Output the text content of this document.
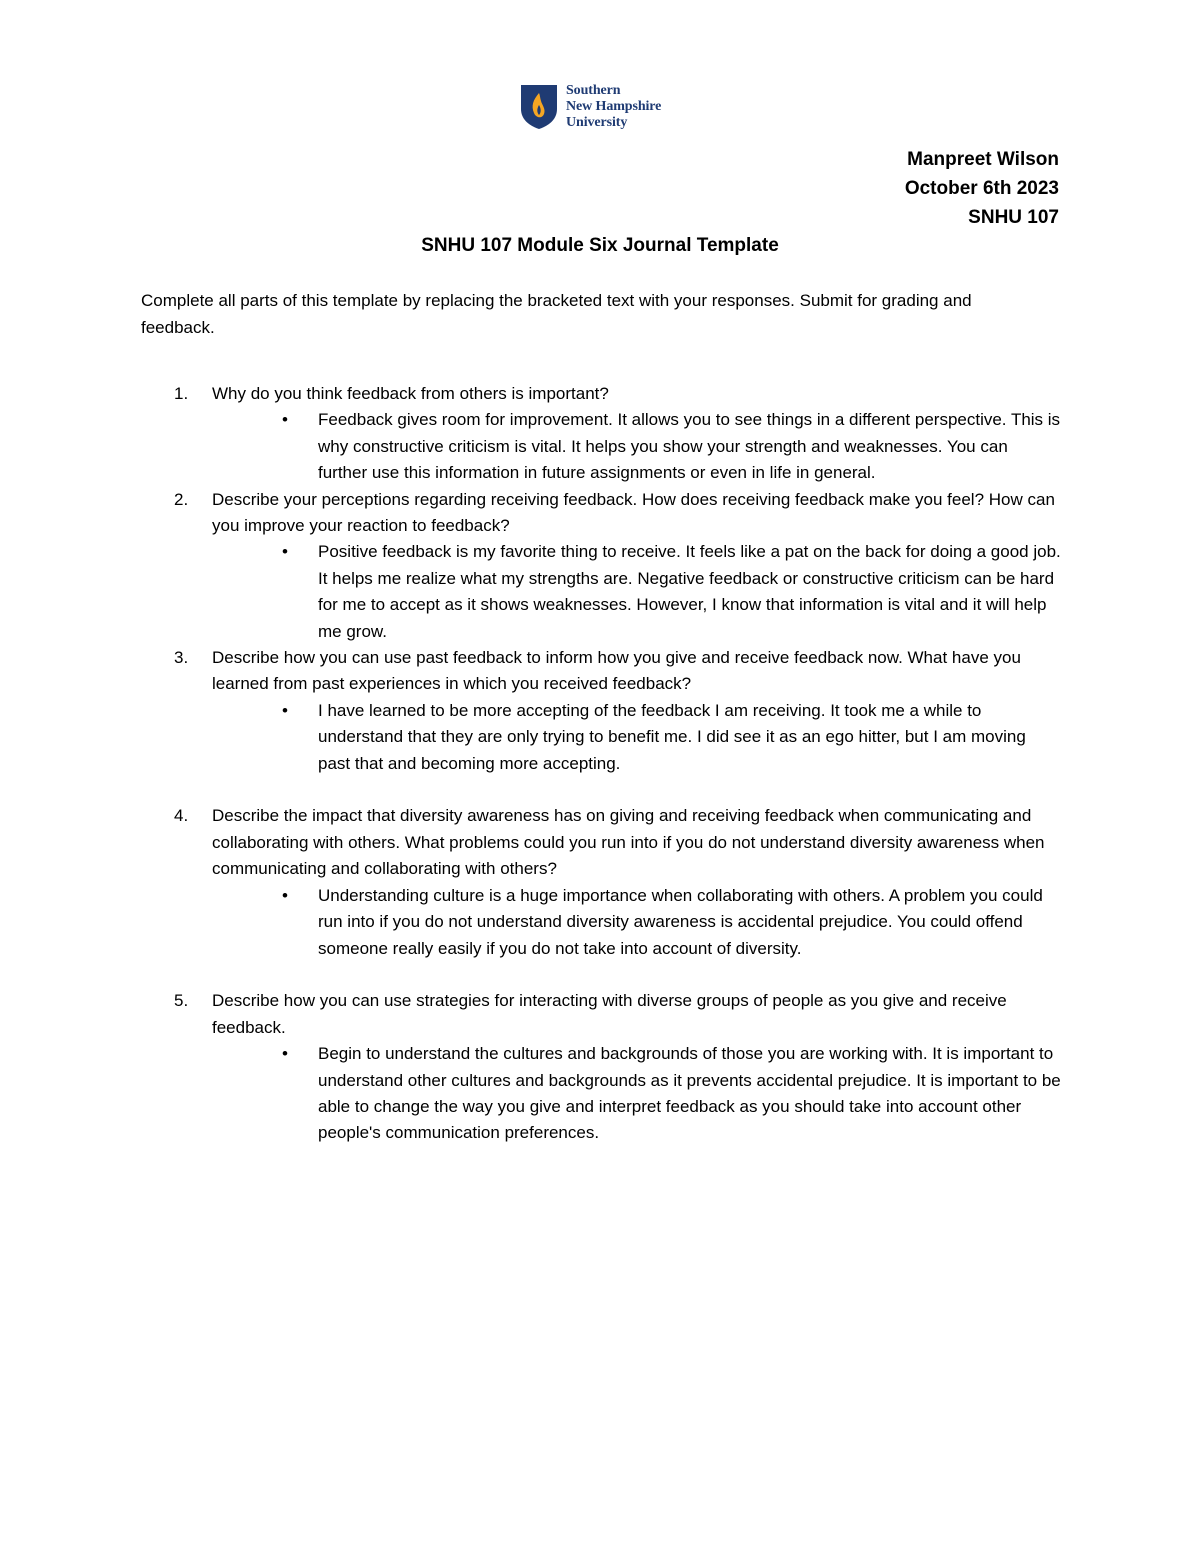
Southern
New Hampshire
University
Manpreet Wilson
October 6th 2023
SNHU 107
SNHU 107 Module Six Journal Template

Complete all parts of this template by replacing the bracketed text with your responses. Submit for grading and feedback.

1. Why do you think feedback from others is important?
• Feedback gives room for improvement. It allows you to see things in a different perspective. This is why constructive criticism is vital. It helps you show your strength and weaknesses. You can further use this information in future assignments or even in life in general.
2. Describe your perceptions regarding receiving feedback. How does receiving feedback make you feel? How can you improve your reaction to feedback?
• Positive feedback is my favorite thing to receive. It feels like a pat on the back for doing a good job. It helps me realize what my strengths are. Negative feedback or constructive criticism can be hard for me to accept as it shows weaknesses. However, I know that information is vital and it will help me grow.
3. Describe how you can use past feedback to inform how you give and receive feedback now. What have you learned from past experiences in which you received feedback?
• I have learned to be more accepting of the feedback I am receiving. It took me a while to understand that they are only trying to benefit me. I did see it as an ego hitter, but I am moving past that and becoming more accepting.
4. Describe the impact that diversity awareness has on giving and receiving feedback when communicating and collaborating with others. What problems could you run into if you do not understand diversity awareness when communicating and collaborating with others?
• Understanding culture is a huge importance when collaborating with others. A problem you could run into if you do not understand diversity awareness is accidental prejudice. You could offend someone really easily if you do not take into account of diversity.
5. Describe how you can use strategies for interacting with diverse groups of people as you give and receive feedback.
• Begin to understand the cultures and backgrounds of those you are working with. It is important to understand other cultures and backgrounds as it prevents accidental prejudice. It is important to be able to change the way you give and interpret feedback as you should take into account other people's communication preferences.
